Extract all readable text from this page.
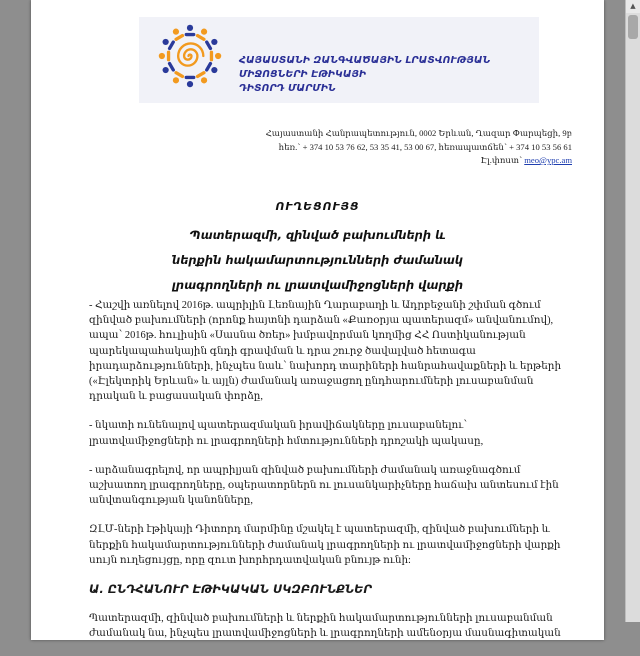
ՀԱՅԱՍՏԱՆԻ ԶԱՆԳՎԱԾԱՅԻՆ ԼՐԱՏՎՈՒԹՅԱՆ ՄԻՋՈՑՆԵՐԻ ԷԹԻԿԱՅԻ
ԴԻՏՈՐԴ ՄԱՐՄԻՆ
Հայաստանի Հանրապետություն, 0002 Երևան, Ղազար Փարպեցի, 9բ
հեռ.՝ + 374 10 53 76 62, 53 35 41, 53 00 67, հեռապատճեն՝ + 374 10 53 56 61
Էլ.փոստ՝ meo@ypc.am
ՈՒՂԵՑՈՒՅՑ
Պատերազմի, զինված բախումների և
ներքին հակամարտությունների ժամանակ
լրագրողների ու լրատվամիջոցների վարքի

- Հաշվի առնելով 2016թ. ապրիլին Լեռնային Ղարաբաղի և Ադրբեջանի շփման գծում զինված բախումների (որոնք հայտնի դարձան «Քառօրյա պատերազմ» անվանումով), ապա՝ 2016թ. հուլիսին «Սասնա ծռեր» խմբավորման կողմից ՀՀ Ոստիկանության պարեկապահակային գնդի գրավման և դրա շուրջ ծավալված հետագա իրադարձությունների, ինչպես նաև՝ նախորդ տարիների հանրահավաքների և երթերի («Էլեկտրիկ Երևան» և այլն) ժամանակ առաջացող ընդհարումների լուսաբանման դրական և բացասական փորձը,

- նկատի ունենալով պատերազմական իրավիճակները լուսաբանելու՝ լրատվամիջոցների ու լրագրողների հմտությունների դրոշակի պակասը,

- արձանագրելով, որ ապրիլյան զինված բախումների ժամանակ առաջնագծում աշխատող լրագրողները, օպերատորներն ու լուսանկարիչները հաճախ անտեսում էին անվտանգության կանոնները,

ԶԼՄ-ների էթիկայի Դիտորդ մարմինը մշակել է պատերազմի, զինված բախումների և ներքին հակամարտությունների ժամանակ լրագրողների ու լրատվամիջոցների վարքի սույն ուղեցույցը, որը զուտ խորհրդատվական բնույթ ունի:

Ա. ԸՆԴՀԱՆՈՒՐ ԷԹԻԿԱԿԱՆ ՍԿԶԲՈՒՆՔՆԵՐ

Պատերազմի, զինված բախումների և ներքին հակամարտությունների լուսաբանման ժամանակ նա, ինչպես լրատվամիջոցների և լրագրողների ամենօրյա մասնագիտական

▲
